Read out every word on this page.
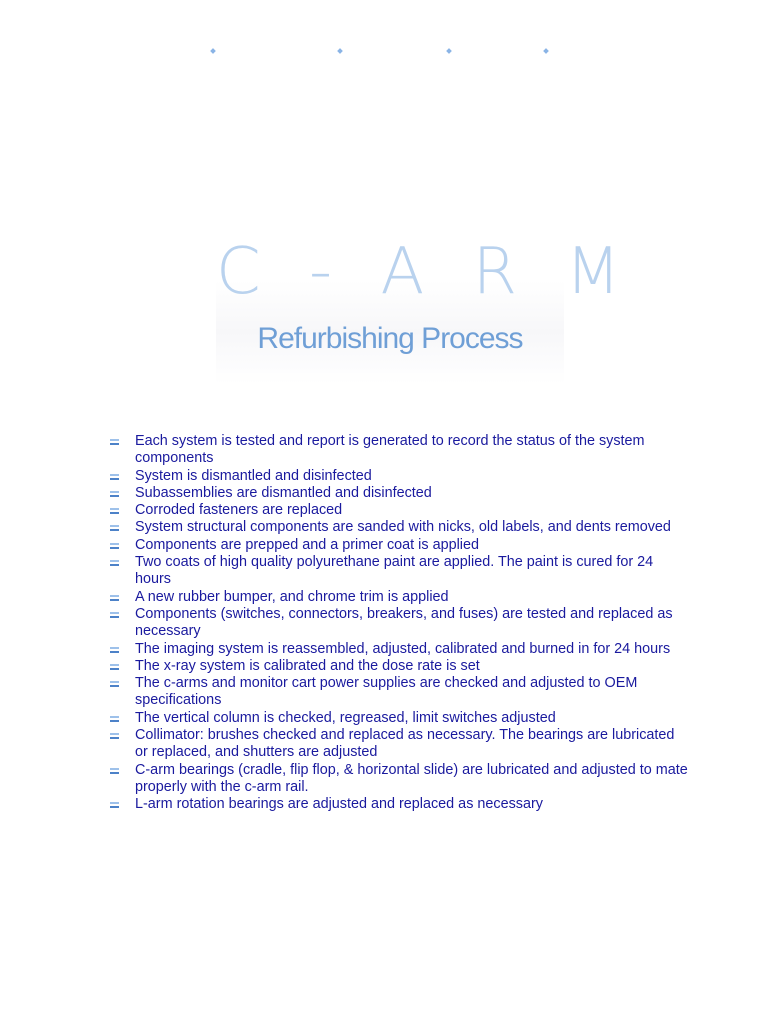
C - A R M
Refurbishing Process
Each system is tested and report is generated to record the status of the system components
System is dismantled and disinfected
Subassemblies are dismantled and disinfected
Corroded fasteners are replaced
System structural components are sanded with nicks, old labels, and dents removed
Components are prepped and a primer coat is applied
Two coats of high quality polyurethane paint are applied. The paint is cured for 24 hours
A new rubber bumper, and chrome trim is applied
Components (switches, connectors, breakers, and fuses) are tested and replaced as necessary
The imaging system is reassembled, adjusted, calibrated and burned in for 24 hours
The x-ray system is calibrated and the dose rate is set
The c-arms and monitor cart power supplies are checked and adjusted to OEM specifications
The vertical column is checked, regreased, limit switches adjusted
Collimator: brushes checked and replaced as necessary. The bearings are lubricated or replaced, and shutters are adjusted
C-arm bearings (cradle, flip flop, & horizontal slide) are lubricated and adjusted to mate properly with the c-arm rail.
L-arm rotation bearings are adjusted and replaced as necessary
